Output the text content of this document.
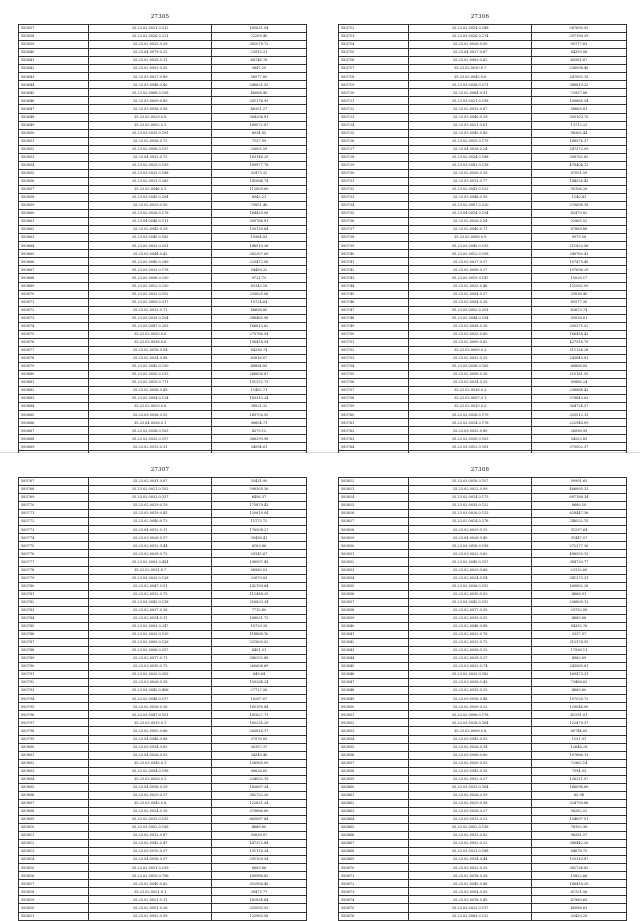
27305
583637	35.23.02.0031.0.512	165631.04
583638	35.23.02.0026.0.221	72209.40
583639	35.23.02.0025.0.29	342079.72
583640	35.23.04.0079.0.12	23915.31
583641	35.23.02.0028.0.11	48746.76
583642	35.23.02.0003.0.55	5847.25
583643	35.23.03.0027.0.89	56577.60
583644	35.23.03.0048.0.40	246621.53
583645	35.23.02.0068.0.108	46068.40
583646	35.23.03.0009.0.60	281176.93
583647	35.23.03.0016.0.56	46351.27
583648	35.23.02.0029.0.8	364206.81
583649	35.23.02.0002.0.3	169072.87
583650	35.23.03.0035.0.191	6034.85
583651	35.23.02.0036.0.72	7137.99
583652	35.23.02.0008.0.157	25605.59
583653	35.23.04.0032.0.72	163146.29
583654	35.23.02.0025.0.159	189977.78
583655	35.23.03.0032.0.168	32473.32
583656	35.23.02.0031.0.263	141064.74
583657	35.23.02.0046.0.3	112809.60
583658	35.23.03.0045.0.394	6543.21
583659	35.23.02.0029.0.50	70851.46
583660	35.23.02.0028.0.278	164429.08
583661	35.23.04.0046.0.111	309786.81
583662	35.23.02.0043.0.29	155130.64
583663	35.23.03.0040.0.162	19364.83
583664	35.23.02.0032.0.251	148519.36
583665	35.23.03.0044.0.42	282357.69
583666	35.23.02.0040.0.289	225472.08
583667	35.23.03.0032.0.178	54458.32
583668	35.23.02.0008.0.230	9721.75
583669	35.23.02.0012.0.230	83143.16
583670	35.23.02.0033.0.102	293629.06
583671	35.23.02.0009.0.317	10724.64
583672	35.23.02.0013.0.71	46698.80
583673	35.23.03.0039.0.104	348465.98
583674	35.23.03.0047.0.205	166613.62
583675	35.23.02.0030.0.6	270766.54
583676	35.23.03.0038.0.6	196438.54
583677	35.23.02.0016.0.54	84336.74
583678	35.23.02.0034.0.98	63816.67
583679	35.23.02.0042.0.130	48894.85
583680	35.23.02.0030.0.133	266656.67
583681	35.23.02.0010.0.771	101372.73
583682	35.23.02.0036.0.49	11492.71
583683	35.23.02.0004.0.124	183313.24
583684	35.23.02.0029.0.8	38821.32
583685	35.23.03.0036.0.92	169700.92
583686	35.23.04.0026.0.1	96604.71
583687	35.23.02.0036.0.105	4379.12
583688	35.23.02.0032.0.157	366299.98
583689	35.23.02.0013.0.31	34094.61

27306
583712	35.23.02.0014.0.288	367690.55
583713	35.23.03.0026.0.274	207190.29
583714	35.23.02.0026.0.90	95777.63
583715	35.23.04.0027.0.67	64395.86
583716	35.23.02.0063.0.62	40581.67
583717	35.23.02.0030.0.7	236094.40
583718	35.23.02.0043.0.6	247992.15
583719	35.23.03.0036.0.171	349819.23
583720	35.23.02.0064.0.91	72957.86
583721	35.23.03.0021.0.158	100685.54
583722	35.23.02.0013.0.67	58665.81
583723	35.23.03.0040.0.29	303103.70
583724	35.23.03.0021.0.61	13713.22
583725	35.23.03.0045.0.80	98362.44
583726	35.23.02.0015.0.175	168576.37
583727	35.23.04.0028.0.24	247372.09
583728	35.23.02.0034.0.168	308762.82
583729	35.23.03.0041.0.138	478404.12
583730	35.23.02.0030.0.18	87051.59
583731	35.23.03.0011.0.77	144526.45
583732	35.23.02.0043.0.123	95106.26
583733	35.23.03.0048.0.90	1140.41
583734	35.23.02.0007.0.220	270698.18
583735	35.23.04.0014.0.134	42470.82
583736	35.23.02.0026.0.54	22865.02
583737	35.23.02.0040.0.71	87889.66
583738	35.23.02.0006.0.9	9979.58
583739	35.23.03.0045.0.155	211823.56
583740	35.23.02.0012.0.108	249760.41
583741	35.23.03.0027.0.17	107475.40
583742	35.23.02.0008.0.27	197698.29
583743	35.23.02.0015.0.147	15028.17
583744	35.23.02.0025.0.46	121062.09
583745	35.23.02.0004.0.37	33036.40
583746	35.23.03.0004.0.28	40977.30
583747	35.23.03.0002.0.201	43675.74
583748	35.23.02.0044.0.154	50038.61
583749	35.23.03.0038.0.16	200375.52
583750	35.23.03.0025.0.80	166458.42
583751	35.23.02.0009.0.82	427918.79
583752	35.23.03.0009.0.3	311136.28
583753	35.23.02.0032.0.25	243649.81
583754	35.23.03.0036.0.165	66868.65
583755	35.23.02.0008.0.36	210161.55
583756	35.23.03.0014.0.25	90886.24
583757	35.23.02.0016.0.3	238884.42
583758	35.23.03.0007.0.1	376643.63
583759	35.23.02.0010.0.5	364724.57
583760	35.23.02.0026.0.179	325512.13
583761	35.23.02.0014.0.178	222948.09
583762	35.23.03.0032.0.80	26096.95
583763	35.23.02.0030.0.103	34203.65
583764	35.23.03.0012.0.181	375502.37

27307
583767	35.23.02.0031.0.87	35431.90
583768	35.23.02.0021.0.102	398305.36
583769	35.23.02.0032.0.337	6456.37
583770	35.23.02.0029.0.19	175879.43
583771	35.23.03.0019.0.45	120819.04
583772	35.23.02.0040.0.73	11175.72
583773	35.23.04.0012.0.11	176508.27
583774	35.23.03.0026.0.37	30436.41
583775	35.23.02.0012.0.44	6163.86
583776	35.23.02.0028.0.72	28145.67
583777	35.23.02.0003.0.454	196997.49
583778	35.23.02.0031.0.7	56560.03
583779	35.23.03.0033.0.128	22679.83
583780	35.23.02.0047.0.91	142199.64
583781	35.23.02.0012.0.75	112488.29
583782	35.23.03.0043.0.138	216633.34
583783	35.23.02.0037.0.16	7710.80
583784	35.23.02.0014.0.11	168031.75
583785	35.23.02.0003.0.247	10729.35
583786	35.23.02.0032.0.130	118868.10
583787	35.23.02.0009.0.126	321600.52
583788	35.23.02.0006.0.207	6451.31
583789	35.23.02.0017.0.71	340292.88
583790	35.23.03.0010.0.75	260608.69
583791	35.23.02.0025.0.205	649.64
583792	35.23.03.0026.0.18	155264.24
583793	35.23.03.0042.0.406	27727.56
583794	35.23.02.0048.0.157	16267.67
583795	35.23.02.0028.0.28	165195.84
583796	35.23.03.0047.0.101	181627.71
583797	35.23.03.0015.0.1	185235.29
583798	35.23.02.0005.0.66	263616.17
583799	35.23.04.0046.0.88	37078.85
583800	35.23.03.0034.0.63	30357.37
583801	35.23.04.0026.0.53	34349.46
583802	35.23.03.0045.0.1	158985.09
583803	35.23.02.0004.0.196	96626.60
583804	35.23.02.0028.0.3	234052.19
583805	35.23.04.0016.0.29	183687.34
583806	35.23.02.0029.0.17	382732.20
583807	35.23.03.0043.0.8	122631.24
583808	35.23.02.0024.0.10	370686.60
583809	35.23.02.0035.0.155	665087.64
583810	35.23.03.0002.0.106	4668.80
583811	35.23.02.0012.0.87	50658.87
583812	35.23.02.0042.0.47	147372.84
583813	35.23.03.0010.0.37	101118.34
583814	35.23.04.0016.0.57	291109.54
583815	35.23.02.0031.0.239	8609.86
583816	35.23.02.0010.0.756	180988.82
583817	35.23.02.0040.0.82	352906.40
583818	35.23.02.0021.0.1	39475.77
583819	35.23.02.0021.0.11	182834.64
583820	35.23.02.0001.0.26	325093.53
583821	35.23.02.0002.0.59	125963.58
27308
583822	35.23.03.0016.0.107	59991.65
583823	35.23.02.0022.0.99	486895.33
583824	35.23.02.0014.0.175	697188.34
583825	35.23.02.0035.0.122	8680.20
583826	35.23.03.0026.0.125	628447.36
583827	35.23.02.0014.0.278	248532.15
583828	35.23.02.0029.0.13	31297.64
583829	35.23.04.0026.0.40	31447.07
583830	35.23.03.0016.0.158	272277.36
583831	35.23.03.0022.0.62	498555.15
583832	35.23.02.0040.0.157	384730.77
583833	35.23.02.0029.0.66	23132.60
583834	35.23.02.0024.0.54	341373.31
583835	35.23.02.0036.0.152	160892.28
583836	35.23.02.0010.0.53	4666.91
583837	35.23.03.0042.0.152	206800.13
583838	35.23.02.0017.0.35	29752.08
583839	35.23.02.0019.0.52	4669.88
583840	35.23.02.0046.0.88	94355.76
583841	35.23.02.0022.0.76	3337.97
583842	35.23.02.0013.0.72	313376.55
583843	35.23.02.0036.0.13	17936.11
583844	35.23.02.0028.0.27	4960.89
583845	35.23.03.0022.0.74	243565.61
583846	35.23.02.0032.0.182	169473.31
583847	35.23.03.0036.0.43	73466.62
583848	35.23.02.0015.0.25	4669.60
583849	35.23.03.0016.0.48	107028.72
583850	35.23.02.0030.0.22	129044.90
583851	35.23.02.0006.0.178	41291.01
583852	35.23.03.0028.0.164	122479.37
583853	35.23.02.0006.0.8	80744.65
583854	35.23.03.0043.0.53	1151.91
583855	35.23.02.0026.0.14	12646.28
583856	35.23.03.0008.0.60	107688.11
583857	35.23.02.0030.0.53	72962.14
583858	35.23.03.0043.0.35	7594.03
583859	35.23.02.0002.0.27	126311.07
583860	35.23.03.0032.0.164	166094.60
583861	35.23.02.0026.0.59	65.96
583862	35.23.02.0029.0.58	324790.68
583863	35.23.03.0028.0.27	58282.02
583864	35.23.03.0013.0.21	154697.51
583865	35.23.02.0002.0.136	78192.96
583866	35.23.02.0033.0.82	98281.57
583867	35.23.02.0002.0.22	386442.20
583868	35.23.03.0021.0.168	64676.75
583869	35.23.02.0034.0.44	193310.87
583870	35.23.03.0022.0.33	342736.82
583871	35.23.02.0016.0.28	15822.66
583872	35.23.02.0045.0.86	166418.20
583873	35.23.03.0004.0.93	61131.56
583874	35.23.03.0016.0.45	47960.65
583875	35.23.03.0022.0.117	46086.63
583876	35.23.02.0063.0.132	33433.29
